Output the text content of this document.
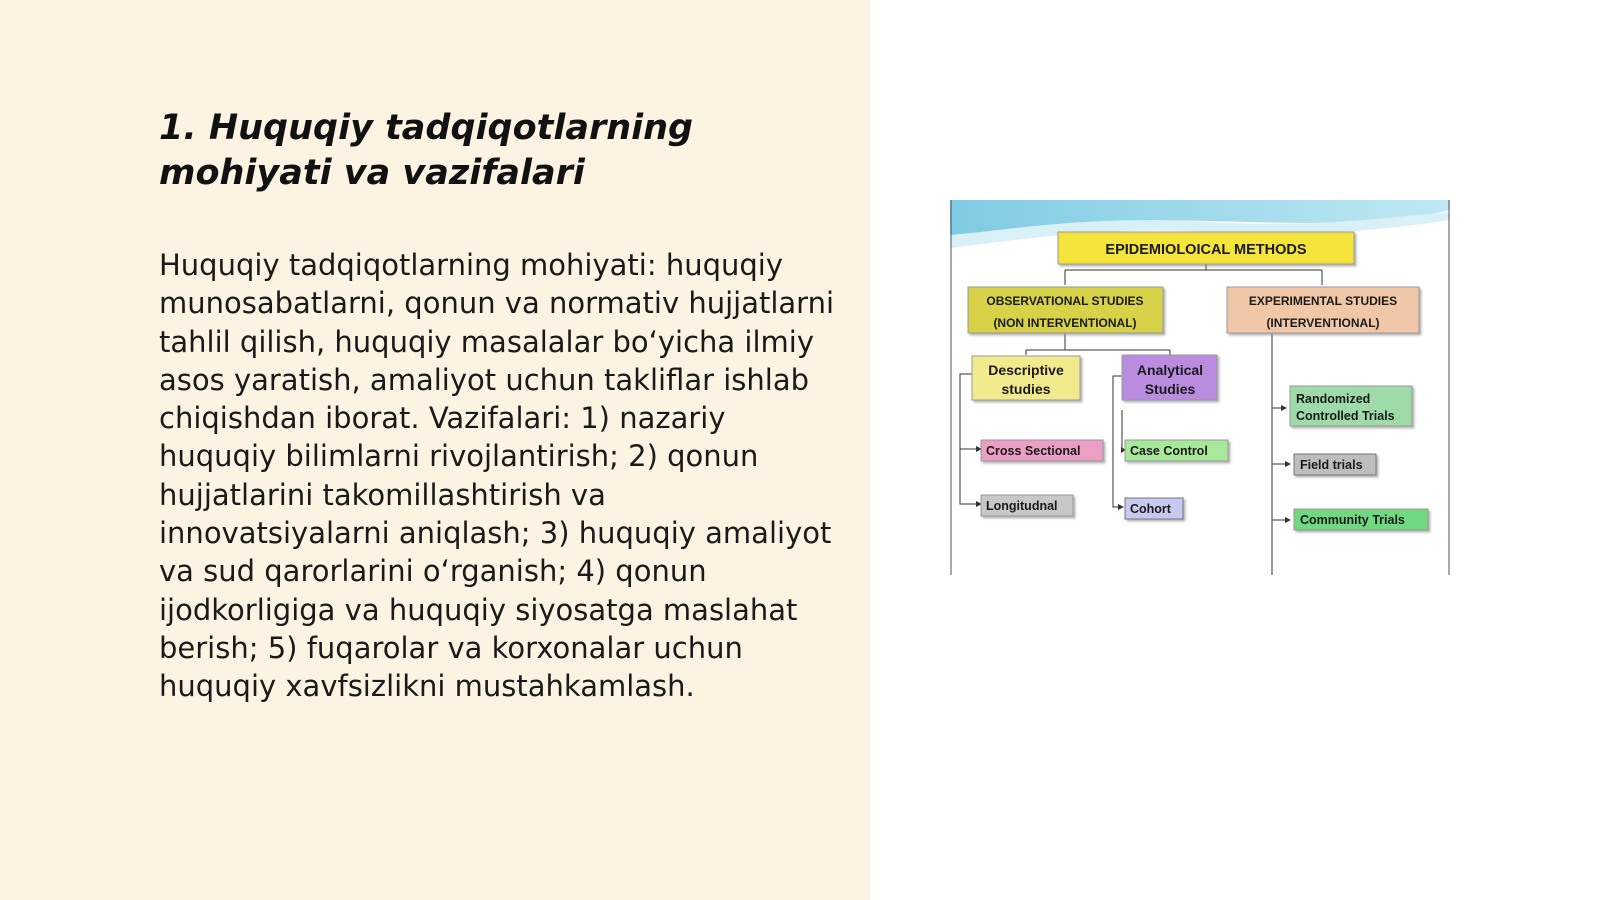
1. Huquqiy tadqiqotlarning mohiyati va vazifalari

Huquqiy tadqiqotlarning mohiyati: huquqiy munosabatlarni, qonun va normativ hujjatlarni tahlil qilish, huquqiy masalalar bo‘yicha ilmiy asos yaratish, amaliyot uchun takliflar ishlab chiqishdan iborat. Vazifalari: 1) nazariy huquqiy bilimlarni rivojlantirish; 2) qonun hujjatlarini takomillashtirish va innovatsiyalarni aniqlash; 3) huquqiy amaliyot va sud qarorlarini o‘rganish; 4) qonun ijodkorligiga va huquqiy siyosatga maslahat berish; 5) fuqarolar va korxonalar uchun huquqiy xavfsizlikni mustahkamlash.

EPIDEMIOLOICAL METHODS
OBSERVATIONAL STUDIES
(NON INTERVENTIONAL)
EXPERIMENTAL STUDIES
(INTERVENTIONAL)
Descriptive
studies
Analytical
Studies
Cross Sectional
Longitudnal
Case Control
Cohort
Randomized
Controlled Trials
Field trials
Community Trials
